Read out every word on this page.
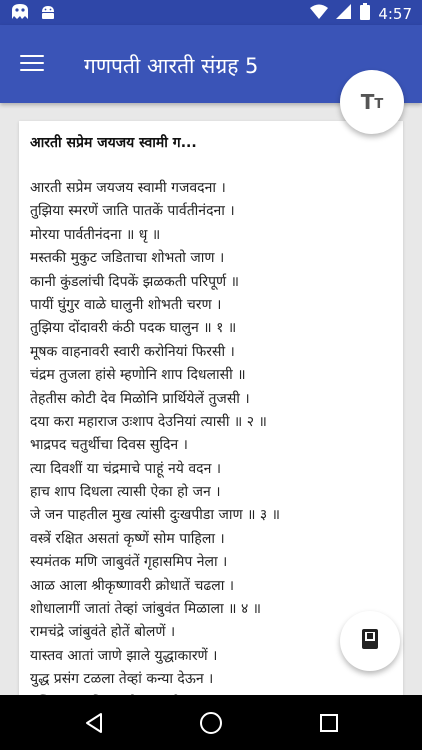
4:57
गणपती आरती संग्रह 5
T T
आरती सप्रेम जयजय स्वामी ग...
आरती सप्रेम जयजय स्वामी गजवदना ।
तुझिया स्मरणें जाति पातकें पार्वतीनंदना ।
मोरया पार्वतीनंदना ॥ धृ ॥
मस्तकी मुकुट जडिताचा शोभतो जाण ।
कानी कुंडलांची दिपकें झळकती परिपूर्ण ॥
पायीं घुंगुर वाळे घालुनी शोभती चरण ।
तुझिया दोंदावरी कंठी पदक घालुन ॥ १ ॥
मूषक वाहनावरी स्वारी करोनियां फिरसी ।
चंद्रम तुजला हांसे म्हणोनि शाप दिधलासी ॥
तेहतीस कोटी देव मिळोनि प्रार्थियेलें तुजसी ।
दया करा महाराज उःशाप देउनियां त्यासी ॥ २ ॥
भाद्रपद चतुर्थीचा दिवस सुदिन ।
त्या दिवशीं या चंद्रमाचे पाहूं नये वदन ।
हाच शाप दिधला त्यासी ऐका हो जन ।
जे जन पाहतील मुख त्यांसी दुःखपीडा जाण ॥ ३ ॥
वस्त्रें रक्षित असतां कृष्णें सोम पाहिला ।
स्यमंतक मणि जाबुवंतें गृहासमिप नेला ।
आळ आला श्रीकृष्णावरी क्रोधातें चढला ।
शोधालागीं जातां तेव्हां जांबुवंत मिळाला ॥ ४ ॥
रामचंद्रे जांबुवंते होतें बोलणें ।
यास्तव आतां जाणे झाले युद्धाकारणें ।
युद्ध प्रसंग टळला तेव्हां कन्या देऊन ।
